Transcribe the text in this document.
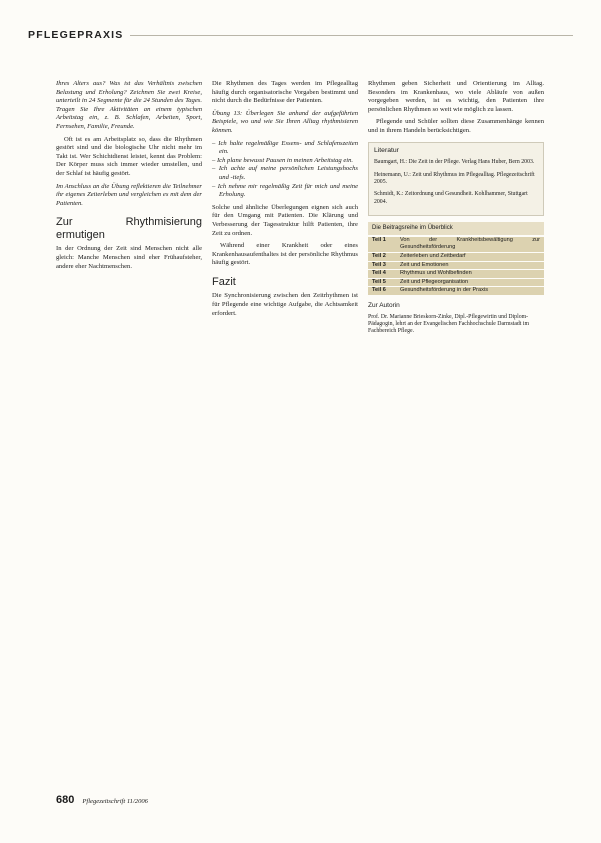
PFLEGEPRAXIS

Ihres Alters aus? Was ist das Verhältnis zwischen Belastung und Erholung? Zeichnen Sie zwei Kreise, unterteilt in 24 Segmente für die 24 Stunden des Tages. Tragen Sie Ihre Aktivitäten an einem typischen Arbeitstag ein, z. B. Schlafen, Arbeiten, Sport, Fernsehen, Familie, Freunde.

Oft ist es am Arbeitsplatz so, dass die Rhythmen gestört sind und die biologische Uhr nicht mehr im Takt ist. Wer Schichtdienst leistet, kennt das Problem: Der Körper muss sich immer wieder umstellen, und der Schlaf ist häufig gestört.

Im Anschluss an die Übung reflektieren die Teilnehmer ihr eigenes Zeiterleben und vergleichen es mit dem der Patienten.

Zur Rhythmisierung ermutigen

In der Ordnung der Zeit sind Menschen nicht alle gleich: Manche Menschen sind eher Frühaufsteher, andere eher Nachtmenschen.

Die Rhythmen des Tages werden im Pflegealltag häufig durch organisatorische Vorgaben bestimmt und nicht durch die Bedürfnisse der Patienten.

Übung 13: Überlegen Sie anhand der aufgeführten Beispiele, wo und wie Sie Ihren Alltag rhythmisieren können.

– Ich halte regelmäßige Essens- und Schlafenszeiten ein.
– Ich plane bewusst Pausen in meinen Arbeitstag ein.
– Ich achte auf meine persönlichen Leistungshochs und -tiefs.
– Ich nehme mir regelmäßig Zeit für mich und meine Erholung.

Solche und ähnliche Überlegungen eignen sich auch für den Umgang mit Patienten. Die Klärung und Verbesserung der Tagesstruktur hilft Patienten, ihre Zeit zu ordnen.

Während einer Krankheit oder eines Krankenhausaufenthaltes ist der persönliche Rhythmus häufig gestört.

Fazit

Die Synchronisierung zwischen den Zeitrhythmen ist für Pflegende eine wichtige Aufgabe, die Achtsamkeit erfordert.

Rhythmen geben Sicherheit und Orientierung im Alltag. Besonders im Krankenhaus, wo viele Abläufe von außen vorgegeben werden, ist es wichtig, den Patienten ihre persönlichen Rhythmen so weit wie möglich zu lassen.

Pflegende und Schüler sollten diese Zusammenhänge kennen und in ihrem Handeln berücksichtigen.

Literatur

Baumgart, H.: Die Zeit in der Pflege. Verlag Hans Huber, Bern 2003.

Heinemann, U.: Zeit und Rhythmus im Pflegealltag. Pflegezeitschrift 2005.

Schmidt, K.: Zeitordnung und Gesundheit. Kohlhammer, Stuttgart 2004.

Die Beitragsreihe im Überblick
Teil 1	Von der Krankheitsbewältigung zur Gesundheitsförderung
Teil 2	Zeiterleben und Zeitbedarf
Teil 3	Zeit und Emotionen
Teil 4	Rhythmus und Wohlbefinden
Teil 5	Zeit und Pflegeorganisation
Teil 6	Gesundheitsförderung in der Praxis
Zur Autorin
Prof. Dr. Marianne Brieskorn-Zinke, Dipl.-Pflegewirtin und Diplom-Pädagogin, lehrt an der Evangelischen Fachhochschule Darmstadt im Fachbereich Pflege.
680 Pflegezeitschrift 11/2006
